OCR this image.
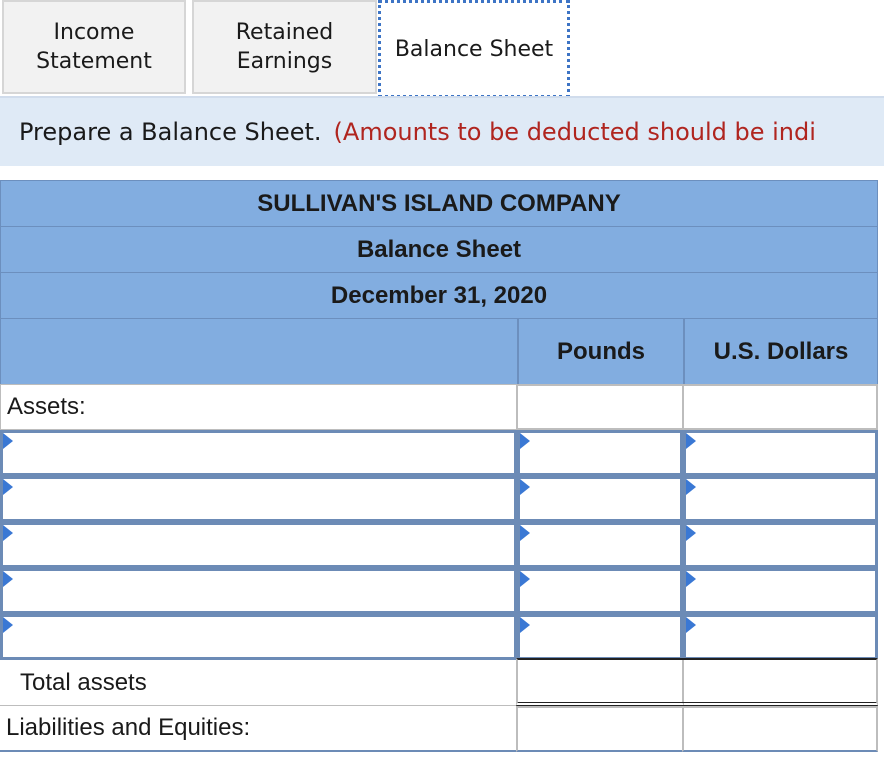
Income
Statement
Retained
Earnings	Balance Sheet
Prepare a Balance Sheet. (Amounts to be deducted should be indi
SULLIVAN'S ISLAND COMPANY
Balance Sheet
December 31, 2020
Pounds	U.S. Dollars
Assets:
Total assets
Liabilities and Equities:
